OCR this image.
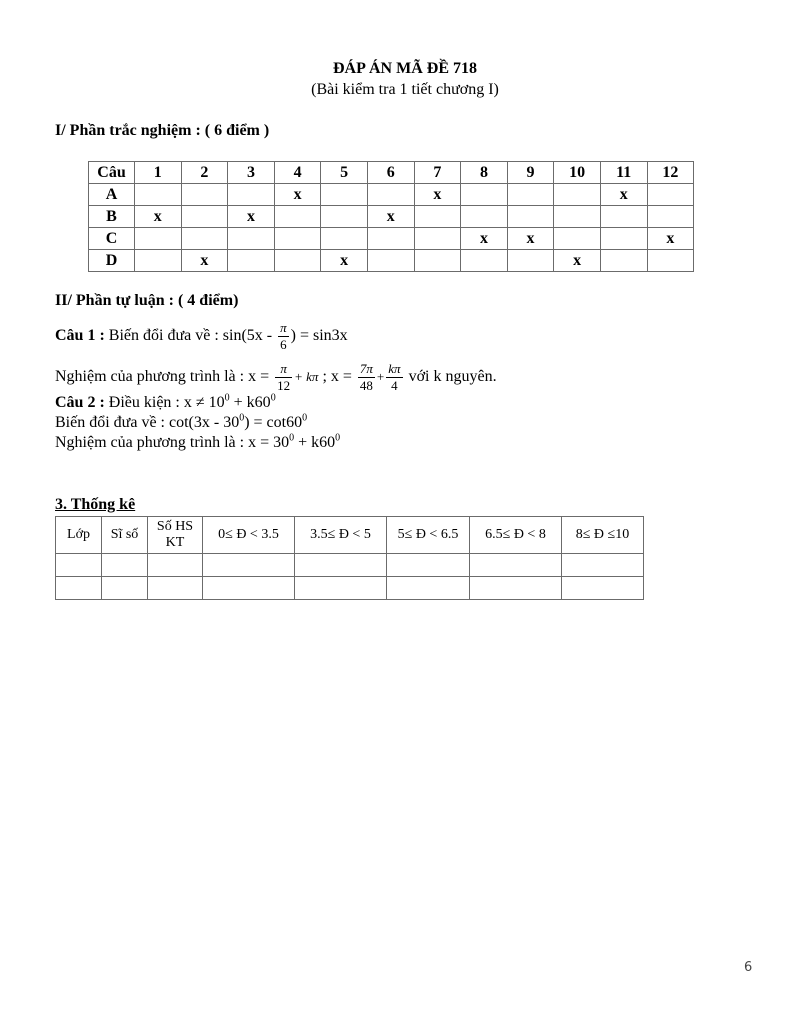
ĐÁP ÁN MÃ ĐỀ 718
(Bài kiểm tra 1 tiết chương I)
I/ Phần trắc nghiệm : ( 6 điểm )
Câu	1	2	3	4	5	6	7	8	9	10	11	12
A				x			x				x	
B	x		x			x						
C								x	x			x
D		x			x					x		
II/ Phần tự luận : ( 4 điểm)
Câu 1 : Biến đổi đưa về : $\sin(5x - \frac{\pi}{6}$ ) = sin3x
Nghiệm của phương trình là : $x = \frac{\pi}{12} + k\pi$ ; $x = \frac{7\pi}{48} + \frac{k\pi}{4}$ với k nguyên.
Câu 2 : Điều kiện : $x \ne 10^0 + k60^0$
Biến đổi đưa về : $\cot(3x - 30^0) = \cot 60^0$
Nghiệm của phương trình là : $x = 30^0 + k60^0$
3. Thống kê
Lớp	Sĩ số	Số HS KT	0≤ Đ < 3.5	3.5≤ Đ < 5	5≤ Đ < 6.5	6.5≤ Đ < 8	8≤ Đ ≤10

6
